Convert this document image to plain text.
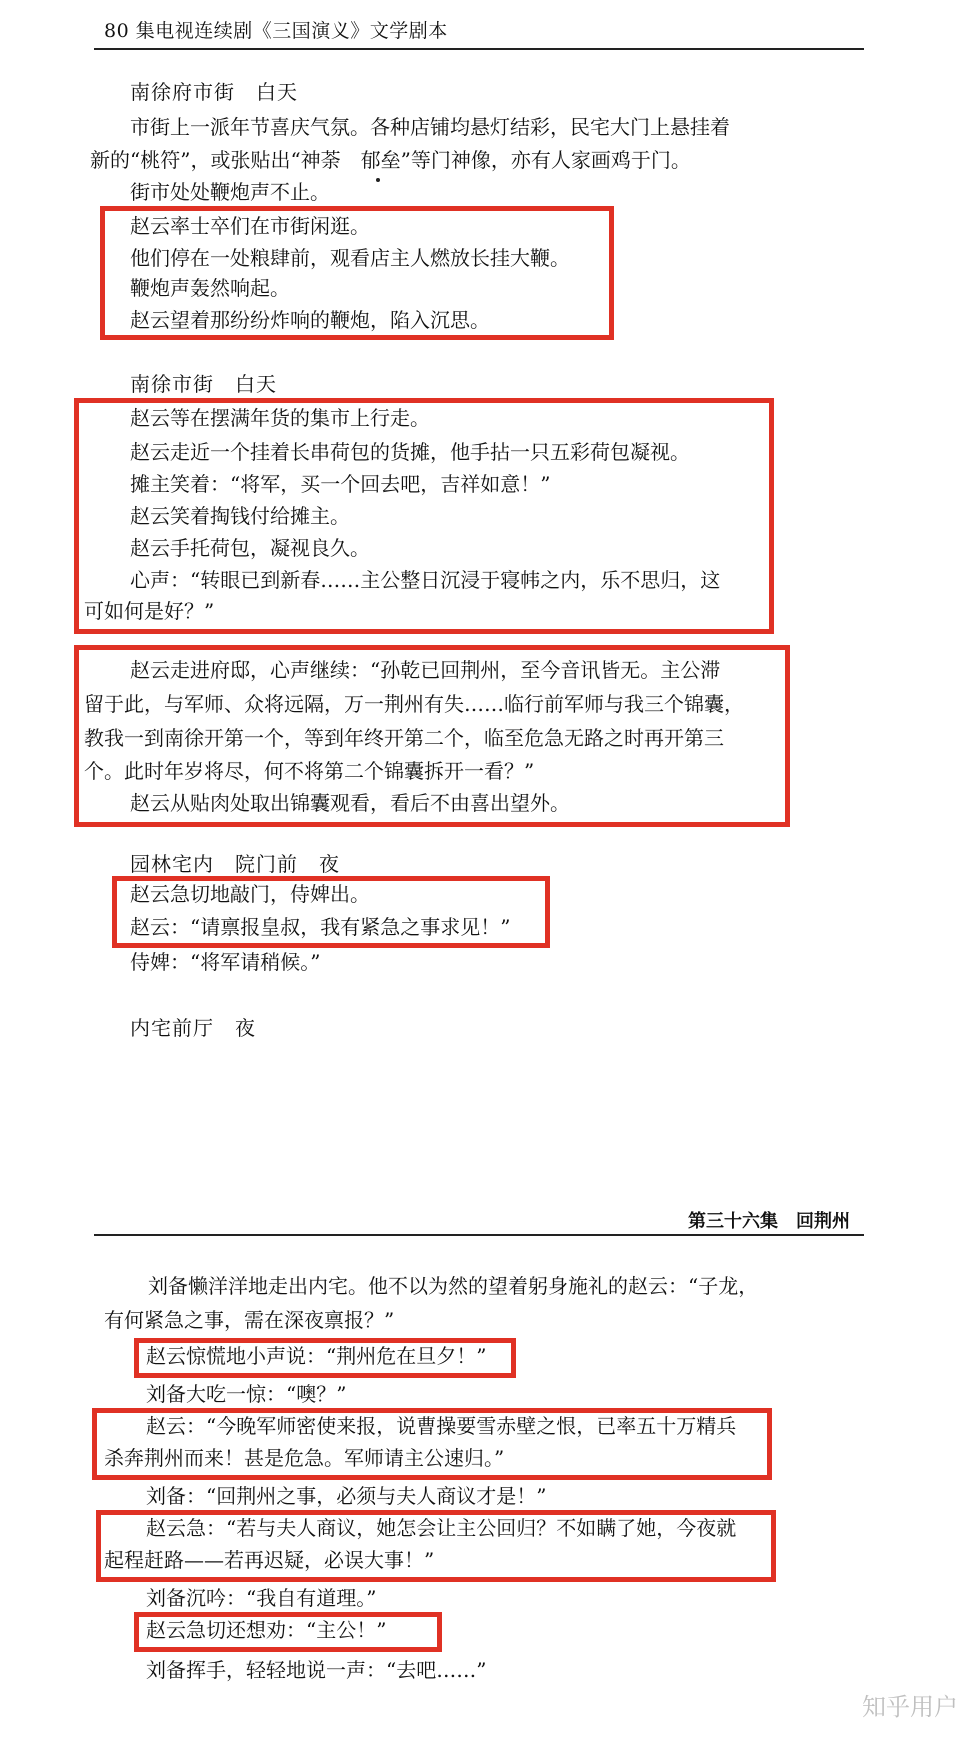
80 集电视连续剧《三国演义》文学剧本
南徐府市街　白天
市街上一派年节喜庆气氛。各种店铺均悬灯结彩，民宅大门上悬挂着
新的“桃符”，或张贴出“神荼　郁垒”等门神像，亦有人家画鸡于门。
街市处处鞭炮声不止。
赵云率士卒们在市街闲逛。
他们停在一处粮肆前，观看店主人燃放长挂大鞭。
鞭炮声轰然响起。
赵云望着那纷纷炸响的鞭炮，陷入沉思。
南徐市街　白天
赵云等在摆满年货的集市上行走。
赵云走近一个挂着长串荷包的货摊，他手拈一只五彩荷包凝视。
摊主笑着：“将军，买一个回去吧，吉祥如意！”
赵云笑着掏钱付给摊主。
赵云手托荷包，凝视良久。
心声：“转眼已到新春……主公整日沉浸于寝帏之内，乐不思归，这
可如何是好？”
赵云走进府邸，心声继续：“孙乾已回荆州，至今音讯皆无。主公滞
留于此，与军师、众将远隔，万一荆州有失……临行前军师与我三个锦囊，
教我一到南徐开第一个，等到年终开第二个，临至危急无路之时再开第三
个。此时年岁将尽，何不将第二个锦囊拆开一看？”
赵云从贴肉处取出锦囊观看，看后不由喜出望外。
园林宅内　院门前　夜
赵云急切地敲门，侍婢出。
赵云：“请禀报皇叔，我有紧急之事求见！”
侍婢：“将军请稍候。”
内宅前厅　夜
第三十六集　回荆州
刘备懒洋洋地走出内宅。他不以为然的望着躬身施礼的赵云：“子龙，
有何紧急之事，需在深夜禀报？”
赵云惊慌地小声说：“荆州危在旦夕！”
刘备大吃一惊：“噢？”
赵云：“今晚军师密使来报，说曹操要雪赤壁之恨，已率五十万精兵
杀奔荆州而来！甚是危急。军师请主公速归。”
刘备：“回荆州之事，必须与夫人商议才是！”
赵云急：“若与夫人商议，她怎会让主公回归？不如瞒了她，今夜就
起程赶路——若再迟疑，必误大事！”
刘备沉吟：“我自有道理。”
赵云急切还想劝：“主公！”
刘备挥手，轻轻地说一声：“去吧……”
知乎用户
